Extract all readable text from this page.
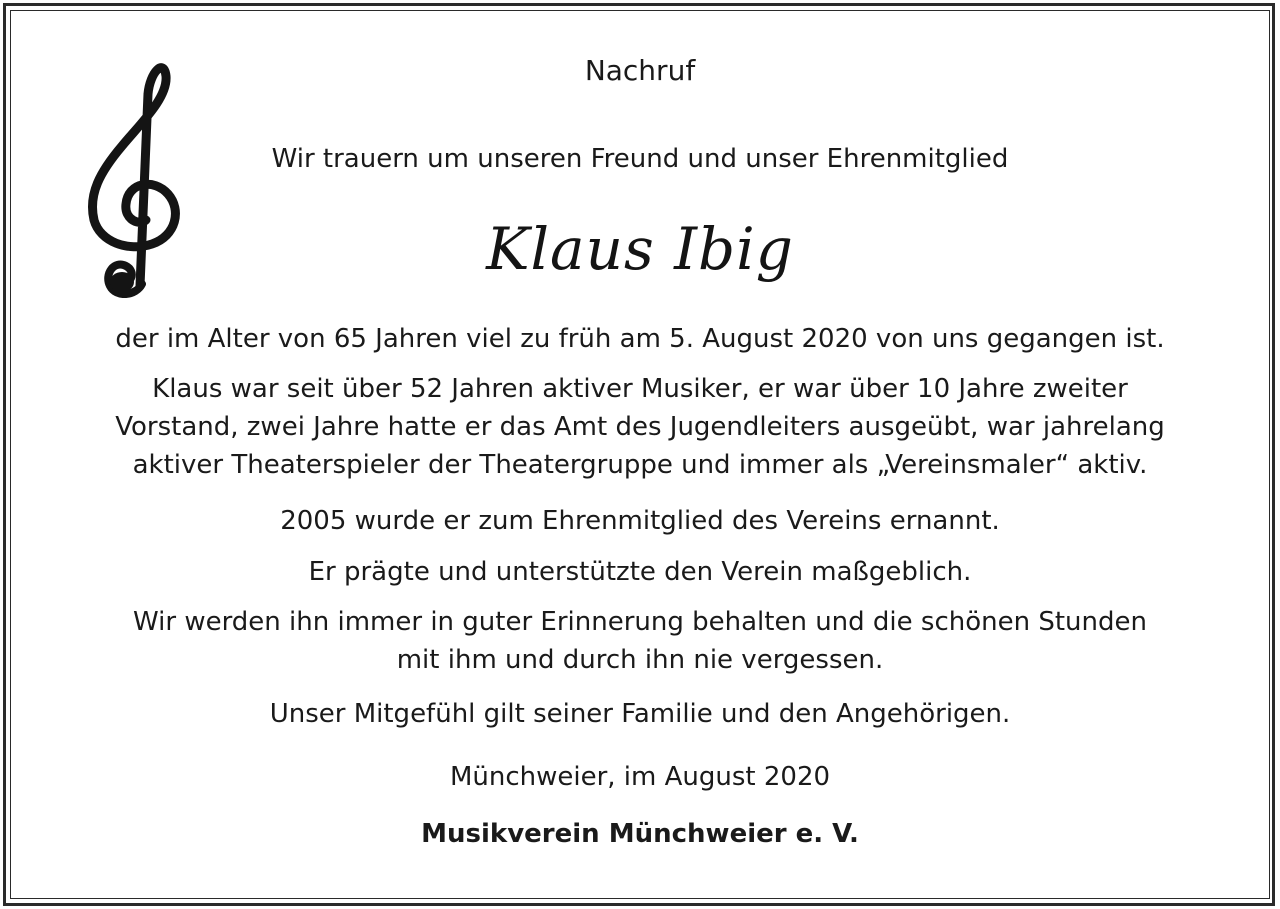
Nachruf
Wir trauern um unseren Freund und unser Ehrenmitglied
Klaus Ibig
der im Alter von 65 Jahren viel zu früh am 5. August 2020 von uns gegangen ist.
Klaus war seit über 52 Jahren aktiver Musiker, er war über 10 Jahre zweiter
Vorstand, zwei Jahre hatte er das Amt des Jugendleiters ausgeübt, war jahrelang
aktiver Theaterspieler der Theatergruppe und immer als „Vereinsmaler“ aktiv.
2005 wurde er zum Ehrenmitglied des Vereins ernannt.
Er prägte und unterstützte den Verein maßgeblich.
Wir werden ihn immer in guter Erinnerung behalten und die schönen Stunden
mit ihm und durch ihn nie vergessen.
Unser Mitgefühl gilt seiner Familie und den Angehörigen.
Münchweier, im August 2020
Musikverein Münchweier e. V.
